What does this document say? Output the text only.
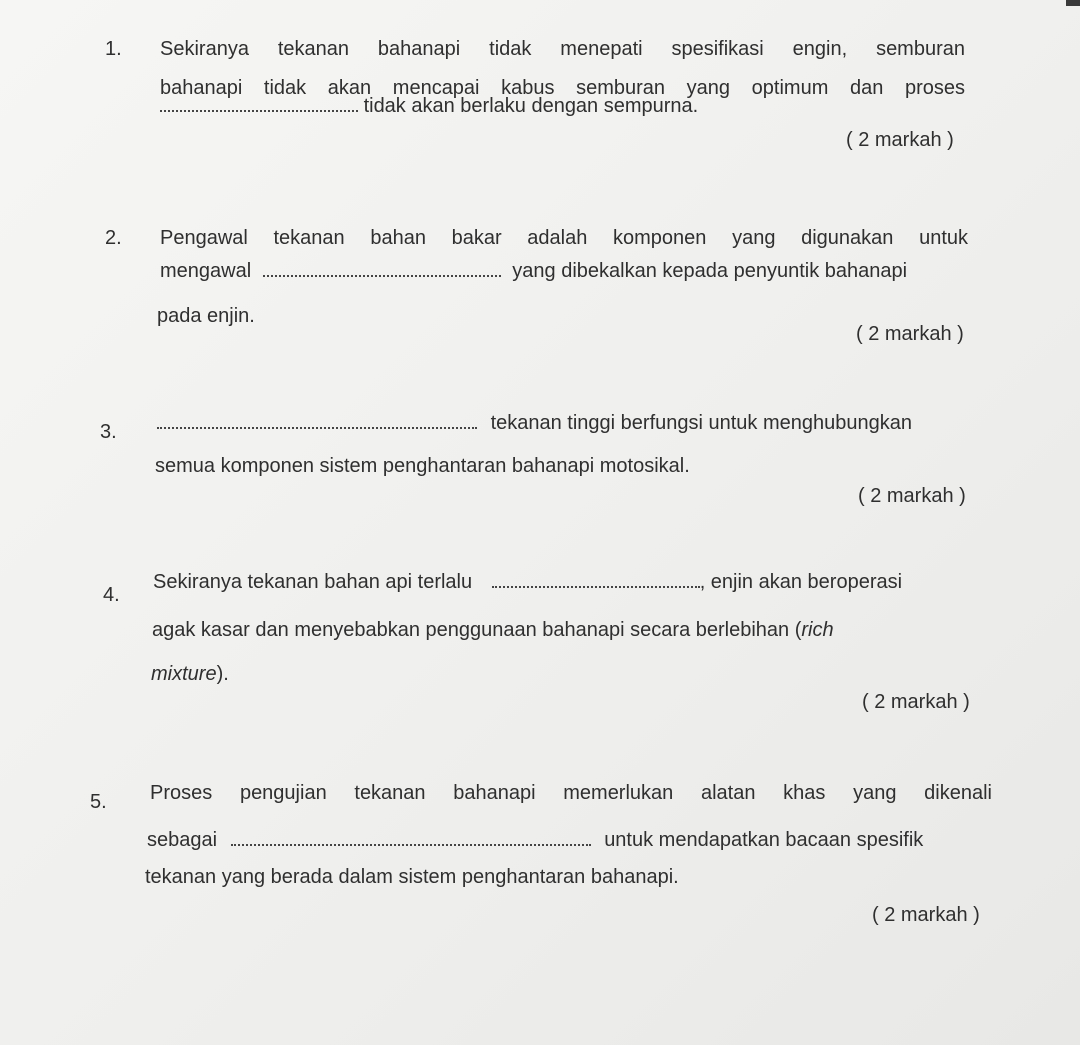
1. Sekiranya tekanan bahanapi tidak menepati spesifikasi engin, semburan
bahanapi tidak akan mencapai kabus semburan yang optimum dan proses
tidak akan berlaku dengan sempurna.
( 2 markah )
2. Pengawal tekanan bahan bakar adalah komponen yang digunakan untuk
mengawal	yang dibekalkan kepada penyuntik bahanapi
pada enjin.
( 2 markah )
3.	tekanan tinggi berfungsi untuk menghubungkan
semua komponen sistem penghantaran bahanapi motosikal.
( 2 markah )
4.
Sekiranya tekanan bahan api terlalu	, enjin akan beroperasi
agak kasar dan menyebabkan penggunaan bahanapi secara berlebihan (rich
mixture).
( 2 markah )
5. Proses pengujian tekanan bahanapi memerlukan alatan khas yang dikenali
sebagai	untuk mendapatkan bacaan spesifik
tekanan yang berada dalam sistem penghantaran bahanapi.
( 2 markah )
